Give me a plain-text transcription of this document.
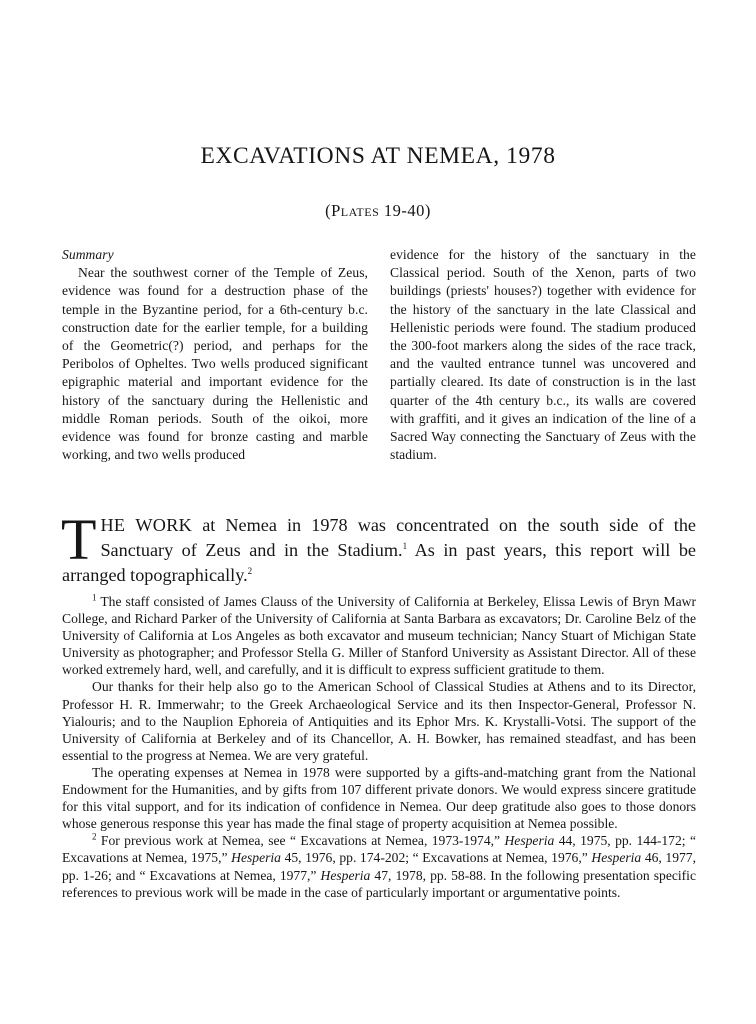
EXCAVATIONS AT NEMEA, 1978
(Plates 19-40)

Summary

Near the southwest corner of the Temple of Zeus, evidence was found for a destruction phase of the temple in the Byzantine period, for a 6th-century b.c. construction date for the earlier temple, for a building of the Geometric(?) period, and perhaps for the Peribolos of Opheltes. Two wells produced significant epigraphic material and important evidence for the history of the sanctuary during the Hellenistic and middle Roman periods. South of the oikoi, more evidence was found for bronze casting and marble working, and two wells produced

evidence for the history of the sanctuary in the Classical period. South of the Xenon, parts of two buildings (priests' houses?) together with evidence for the history of the sanctuary in the late Classical and Hellenistic periods were found. The stadium produced the 300-foot markers along the sides of the race track, and the vaulted entrance tunnel was uncovered and partially cleared. Its date of construction is in the last quarter of the 4th century b.c., its walls are covered with graffiti, and it gives an indication of the line of a Sacred Way connecting the Sanctuary of Zeus with the stadium.

THE WORK at Nemea in 1978 was concentrated on the south side of the Sanctuary of Zeus and in the Stadium.$^1$ As in past years, this report will be arranged topographically.$^2$

$^1$ The staff consisted of James Clauss of the University of California at Berkeley, Elissa Lewis of Bryn Mawr College, and Richard Parker of the University of California at Santa Barbara as excavators; Dr. Caroline Belz of the University of California at Los Angeles as both excavator and museum technician; Nancy Stuart of Michigan State University as photographer; and Professor Stella G. Miller of Stanford University as Assistant Director. All of these worked extremely hard, well, and carefully, and it is difficult to express sufficient gratitude to them.

Our thanks for their help also go to the American School of Classical Studies at Athens and to its Director, Professor H. R. Immerwahr; to the Greek Archaeological Service and its then Inspector-General, Professor N. Yialouris; and to the Nauplion Ephoreia of Antiquities and its Ephor Mrs. K. Krystalli-Votsi. The support of the University of California at Berkeley and of its Chancellor, A. H. Bowker, has remained steadfast, and has been essential to the progress at Nemea. We are very grateful.

The operating expenses at Nemea in 1978 were supported by a gifts-and-matching grant from the National Endowment for the Humanities, and by gifts from 107 different private donors. We would express sincere gratitude for this vital support, and for its indication of confidence in Nemea. Our deep gratitude also goes to those donors whose generous response this year has made the final stage of property acquisition at Nemea possible.

$^2$ For previous work at Nemea, see “ Excavations at Nemea, 1973-1974,” Hesperia 44, 1975, pp. 144-172; “ Excavations at Nemea, 1975,” Hesperia 45, 1976, pp. 174-202; “ Excavations at Nemea, 1976,” Hesperia 46, 1977, pp. 1-26; and “ Excavations at Nemea, 1977,” Hesperia 47, 1978, pp. 58-88. In the following presentation specific references to previous work will be made in the case of particularly important or argumentative points.
